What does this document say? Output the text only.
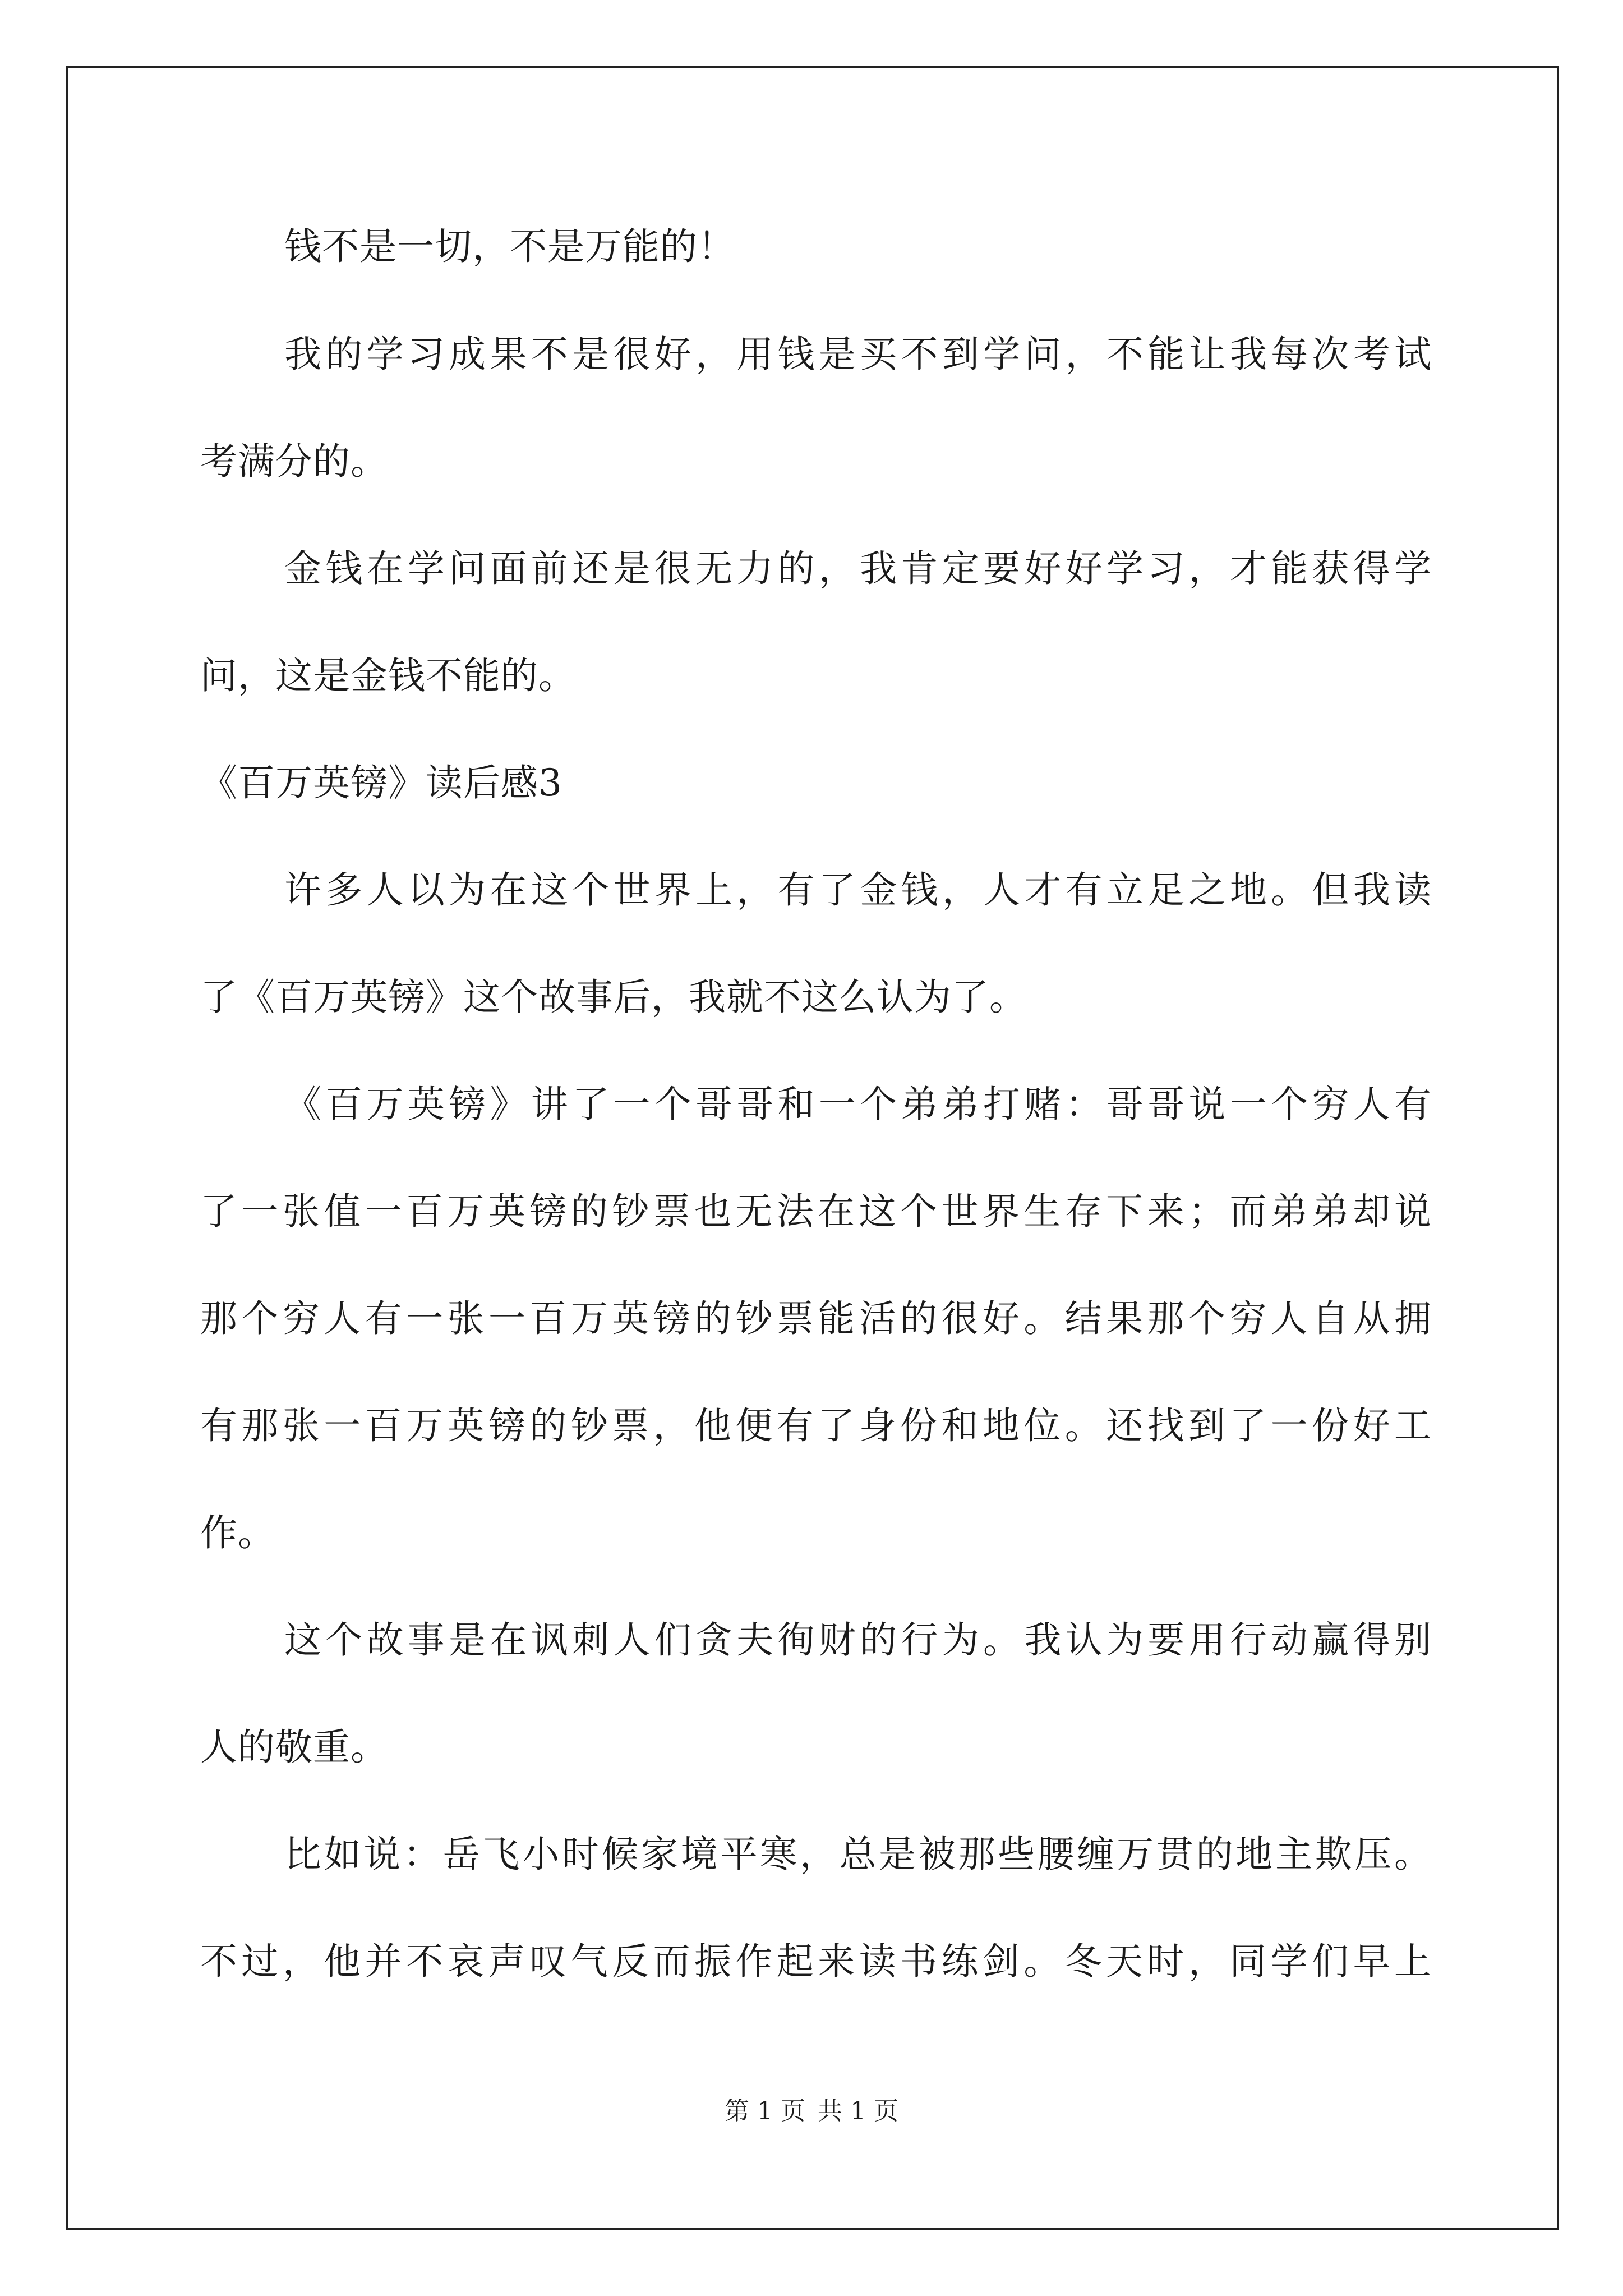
钱不是一切，不是万能的！
我的学习成果不是很好，用钱是买不到学问，不能让我每次考试
考满分的。
金钱在学问面前还是很无力的，我肯定要好好学习，才能获得学
问，这是金钱不能的。
《百万英镑》读后感3
许多人以为在这个世界上，有了金钱，人才有立足之地。但我读
了《百万英镑》这个故事后，我就不这么认为了。
《百万英镑》讲了一个哥哥和一个弟弟打赌：哥哥说一个穷人有
了一张值一百万英镑的钞票也无法在这个世界生存下来；而弟弟却说
那个穷人有一张一百万英镑的钞票能活的很好。结果那个穷人自从拥
有那张一百万英镑的钞票，他便有了身份和地位。还找到了一份好工
作。
这个故事是在讽刺人们贪夫徇财的行为。我认为要用行动赢得别
人的敬重。
比如说：岳飞小时候家境平寒，总是被那些腰缠万贯的地主欺压。
不过，他并不哀声叹气反而振作起来读书练剑。冬天时，同学们早上
第 1 页 共 1 页
